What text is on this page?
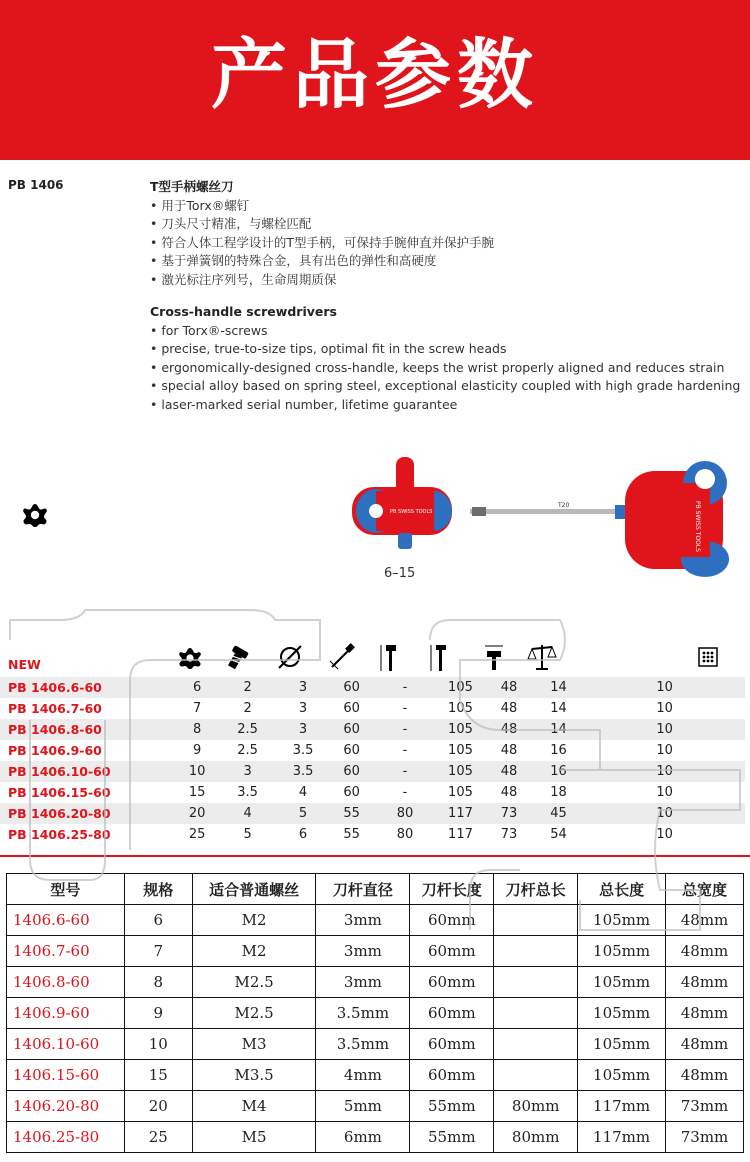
产品参数
PB 1406	T型手柄螺丝刀
• 用于Torx®螺钉
• 刀头尺寸精准，与螺栓匹配
• 符合人体工程学设计的T型手柄，可保持手腕伸直并保护手腕
• 基于弹簧钢的特殊合金，具有出色的弹性和高硬度
• 激光标注序列号，生命周期质保
Cross-handle screwdrivers
• for Torx®-screws
• precise, true-to-size tips, optimal fit in the screw heads
• ergonomically-designed cross-handle, keeps the wrist properly aligned and reduces strain
• special alloy based on spring steel, exceptional elasticity coupled with high grade hardening
• laser-marked serial number, lifetime guarantee
PB SWISS TOOLS
T20	PB SWISS TOOLS
6–15
NEW
PB 1406.6-60	6	2	3	60	-	105	48	14	10
PB 1406.7-60	7	2	3	60	-	105	48	14	10
PB 1406.8-60	8	2.5	3	60	-	105	48	14	10
PB 1406.9-60	9	2.5	3.5	60	-	105	48	16	10
PB 1406.10-60	10	3	3.5	60	-	105	48	16	10
PB 1406.15-60	15	3.5	4	60	-	105	48	18	10
PB 1406.20-80	20	4	5	55	80	117	73	45	10
PB 1406.25-80	25	5	6	55	80	117	73	54	10
型号	规格	适合普通螺丝	刀杆直径	刀杆长度	刀杆总长	总长度	总宽度
1406.6-60	6	M2	3mm	60mm		105mm	48mm
1406.7-60	7	M2	3mm	60mm		105mm	48mm
1406.8-60	8	M2.5	3mm	60mm		105mm	48mm
1406.9-60	9	M2.5	3.5mm	60mm		105mm	48mm
1406.10-60	10	M3	3.5mm	60mm		105mm	48mm
1406.15-60	15	M3.5	4mm	60mm		105mm	48mm
1406.20-80	20	M4	5mm	55mm	80mm	117mm	73mm
1406.25-80	25	M5	6mm	55mm	80mm	117mm	73mm
